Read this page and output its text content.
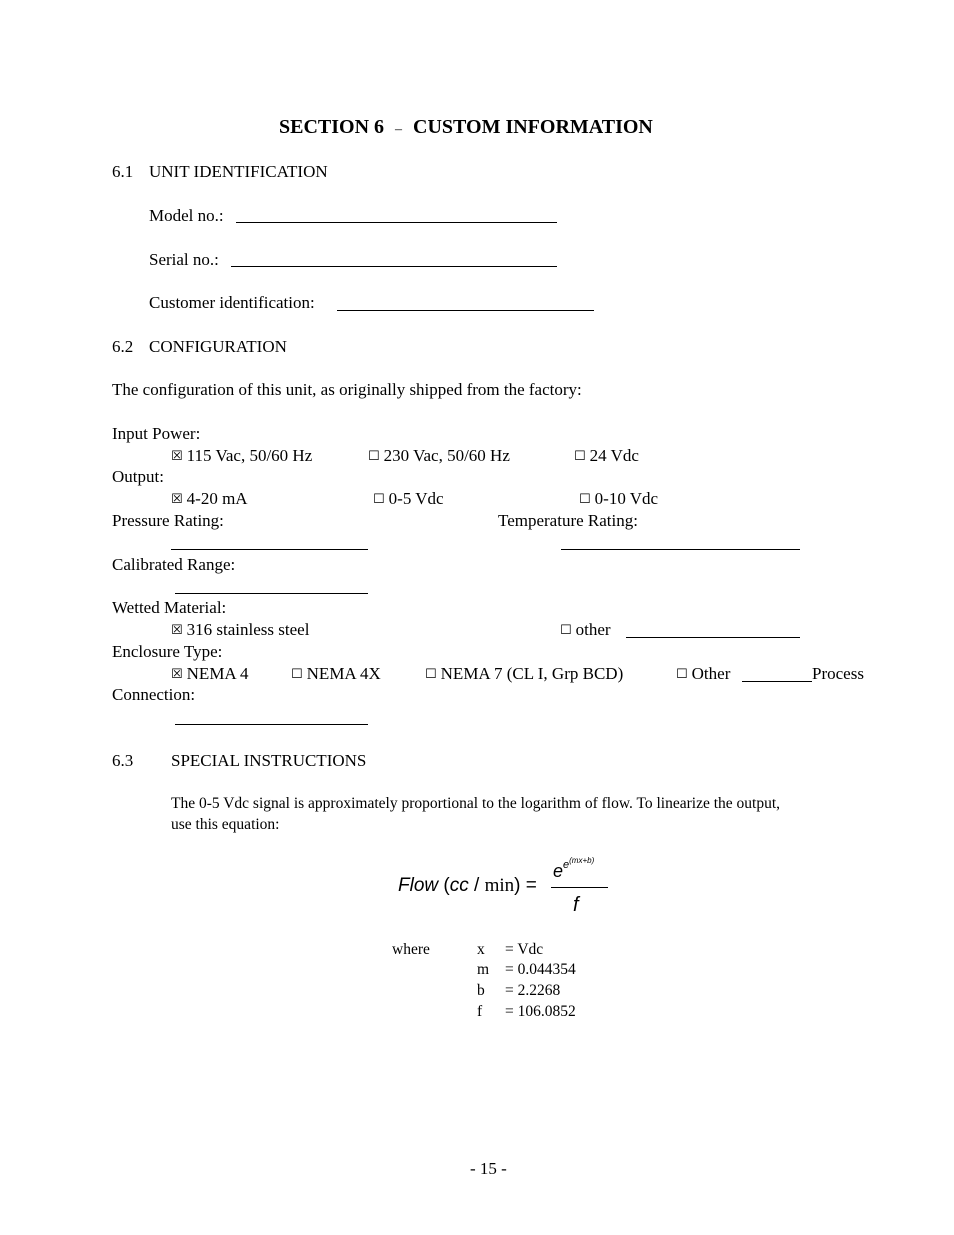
SECTION 6 – CUSTOM INFORMATION
6.1 UNIT IDENTIFICATION
Model no.:
Serial no.:
Customer identification:
6.2 CONFIGURATION
The configuration of this unit, as originally shipped from the factory:
Input Power:
☒ 115 Vac, 50/60 Hz	☐ 230 Vac, 50/60 Hz	☐ 24 Vdc
Output:
☒ 4-20 mA	☐ 0-5 Vdc	☐ 0-10 Vdc
Pressure Rating:	Temperature Rating:
Calibrated Range:
Wetted Material:
☒ 316 stainless steel	☐ other
Enclosure Type:
☒ NEMA 4	☐ NEMA 4X	☐ NEMA 7 (CL I, Grp BCD)	☐ Other	Process
Connection:
6.3 SPECIAL INSTRUCTIONS
The 0-5 Vdc signal is approximately proportional to the logarithm of flow. To linearize the output,
use this equation:
Flow (cc / min) =
$e^{e^{(mx+b)}}$
f
where	x = Vdc
m = 0.044354
b = 2.2268
f = 106.0852
- 15 -
